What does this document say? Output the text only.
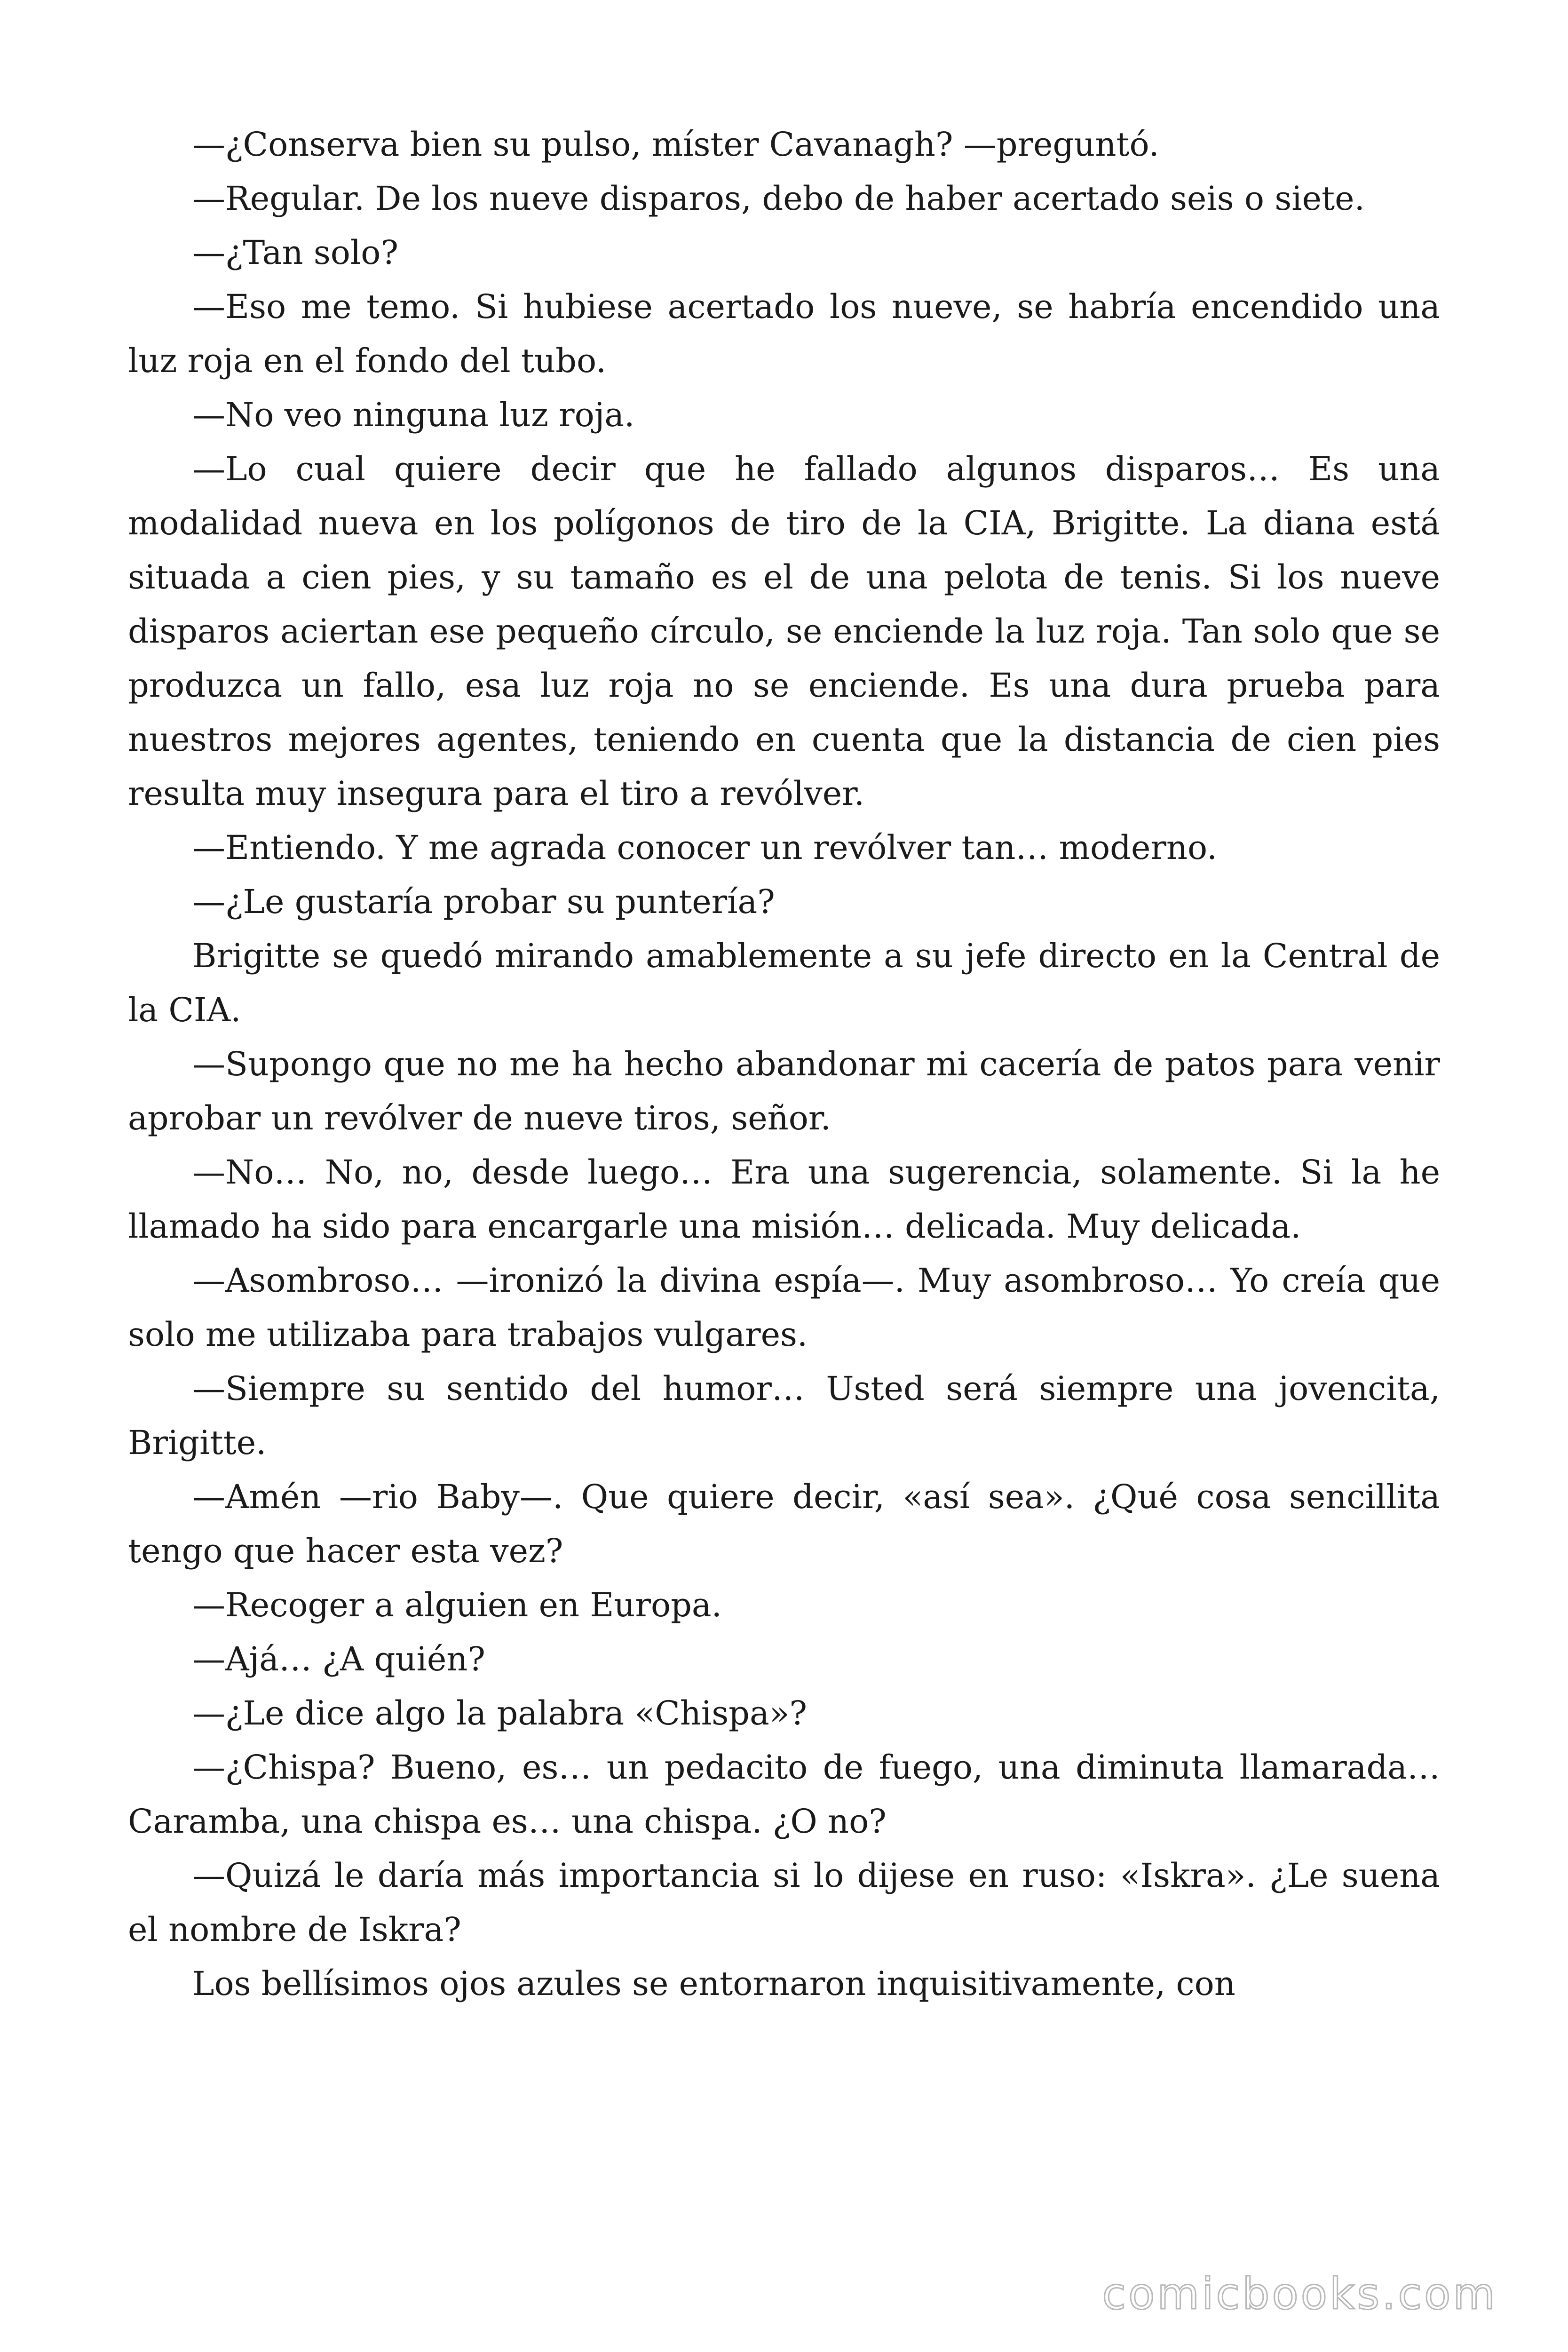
—¿Conserva bien su pulso, míster Cavanagh? —preguntó.

—Regular. De los nueve disparos, debo de haber acertado seis o siete.

—¿Tan solo?

—Eso me temo. Si hubiese acertado los nueve, se habría encendido una luz roja en el fondo del tubo.

—No veo ninguna luz roja.

—Lo cual quiere decir que he fallado algunos disparos… Es una modalidad nueva en los polígonos de tiro de la CIA, Brigitte. La diana está situada a cien pies, y su tamaño es el de una pelota de tenis. Si los nueve disparos aciertan ese pequeño círculo, se enciende la luz roja. Tan solo que se produzca un fallo, esa luz roja no se enciende. Es una dura prueba para nuestros mejores agentes, teniendo en cuenta que la distancia de cien pies resulta muy insegura para el tiro a revólver.

—Entiendo. Y me agrada conocer un revólver tan… moderno.

—¿Le gustaría probar su puntería?

Brigitte se quedó mirando amablemente a su jefe directo en la Central de la CIA.

—Supongo que no me ha hecho abandonar mi cacería de patos para venir aprobar un revólver de nueve tiros, señor.

—No… No, no, desde luego… Era una sugerencia, solamente. Si la he llamado ha sido para encargarle una misión… delicada. Muy delicada.

—Asombroso… —ironizó la divina espía—. Muy asombroso… Yo creía que solo me utilizaba para trabajos vulgares.

—Siempre su sentido del humor… Usted será siempre una jovencita, Brigitte.

—Amén —rio Baby—. Que quiere decir, «así sea». ¿Qué cosa sencillita tengo que hacer esta vez?

—Recoger a alguien en Europa.

—Ajá… ¿A quién?

—¿Le dice algo la palabra «Chispa»?

—¿Chispa? Bueno, es… un pedacito de fuego, una diminuta llamarada… Caramba, una chispa es… una chispa. ¿O no?

—Quizá le daría más importancia si lo dijese en ruso: «Iskra». ¿Le suena el nombre de Iskra?

Los bellísimos ojos azules se entornaron inquisitivamente, con

comicbooks.com
